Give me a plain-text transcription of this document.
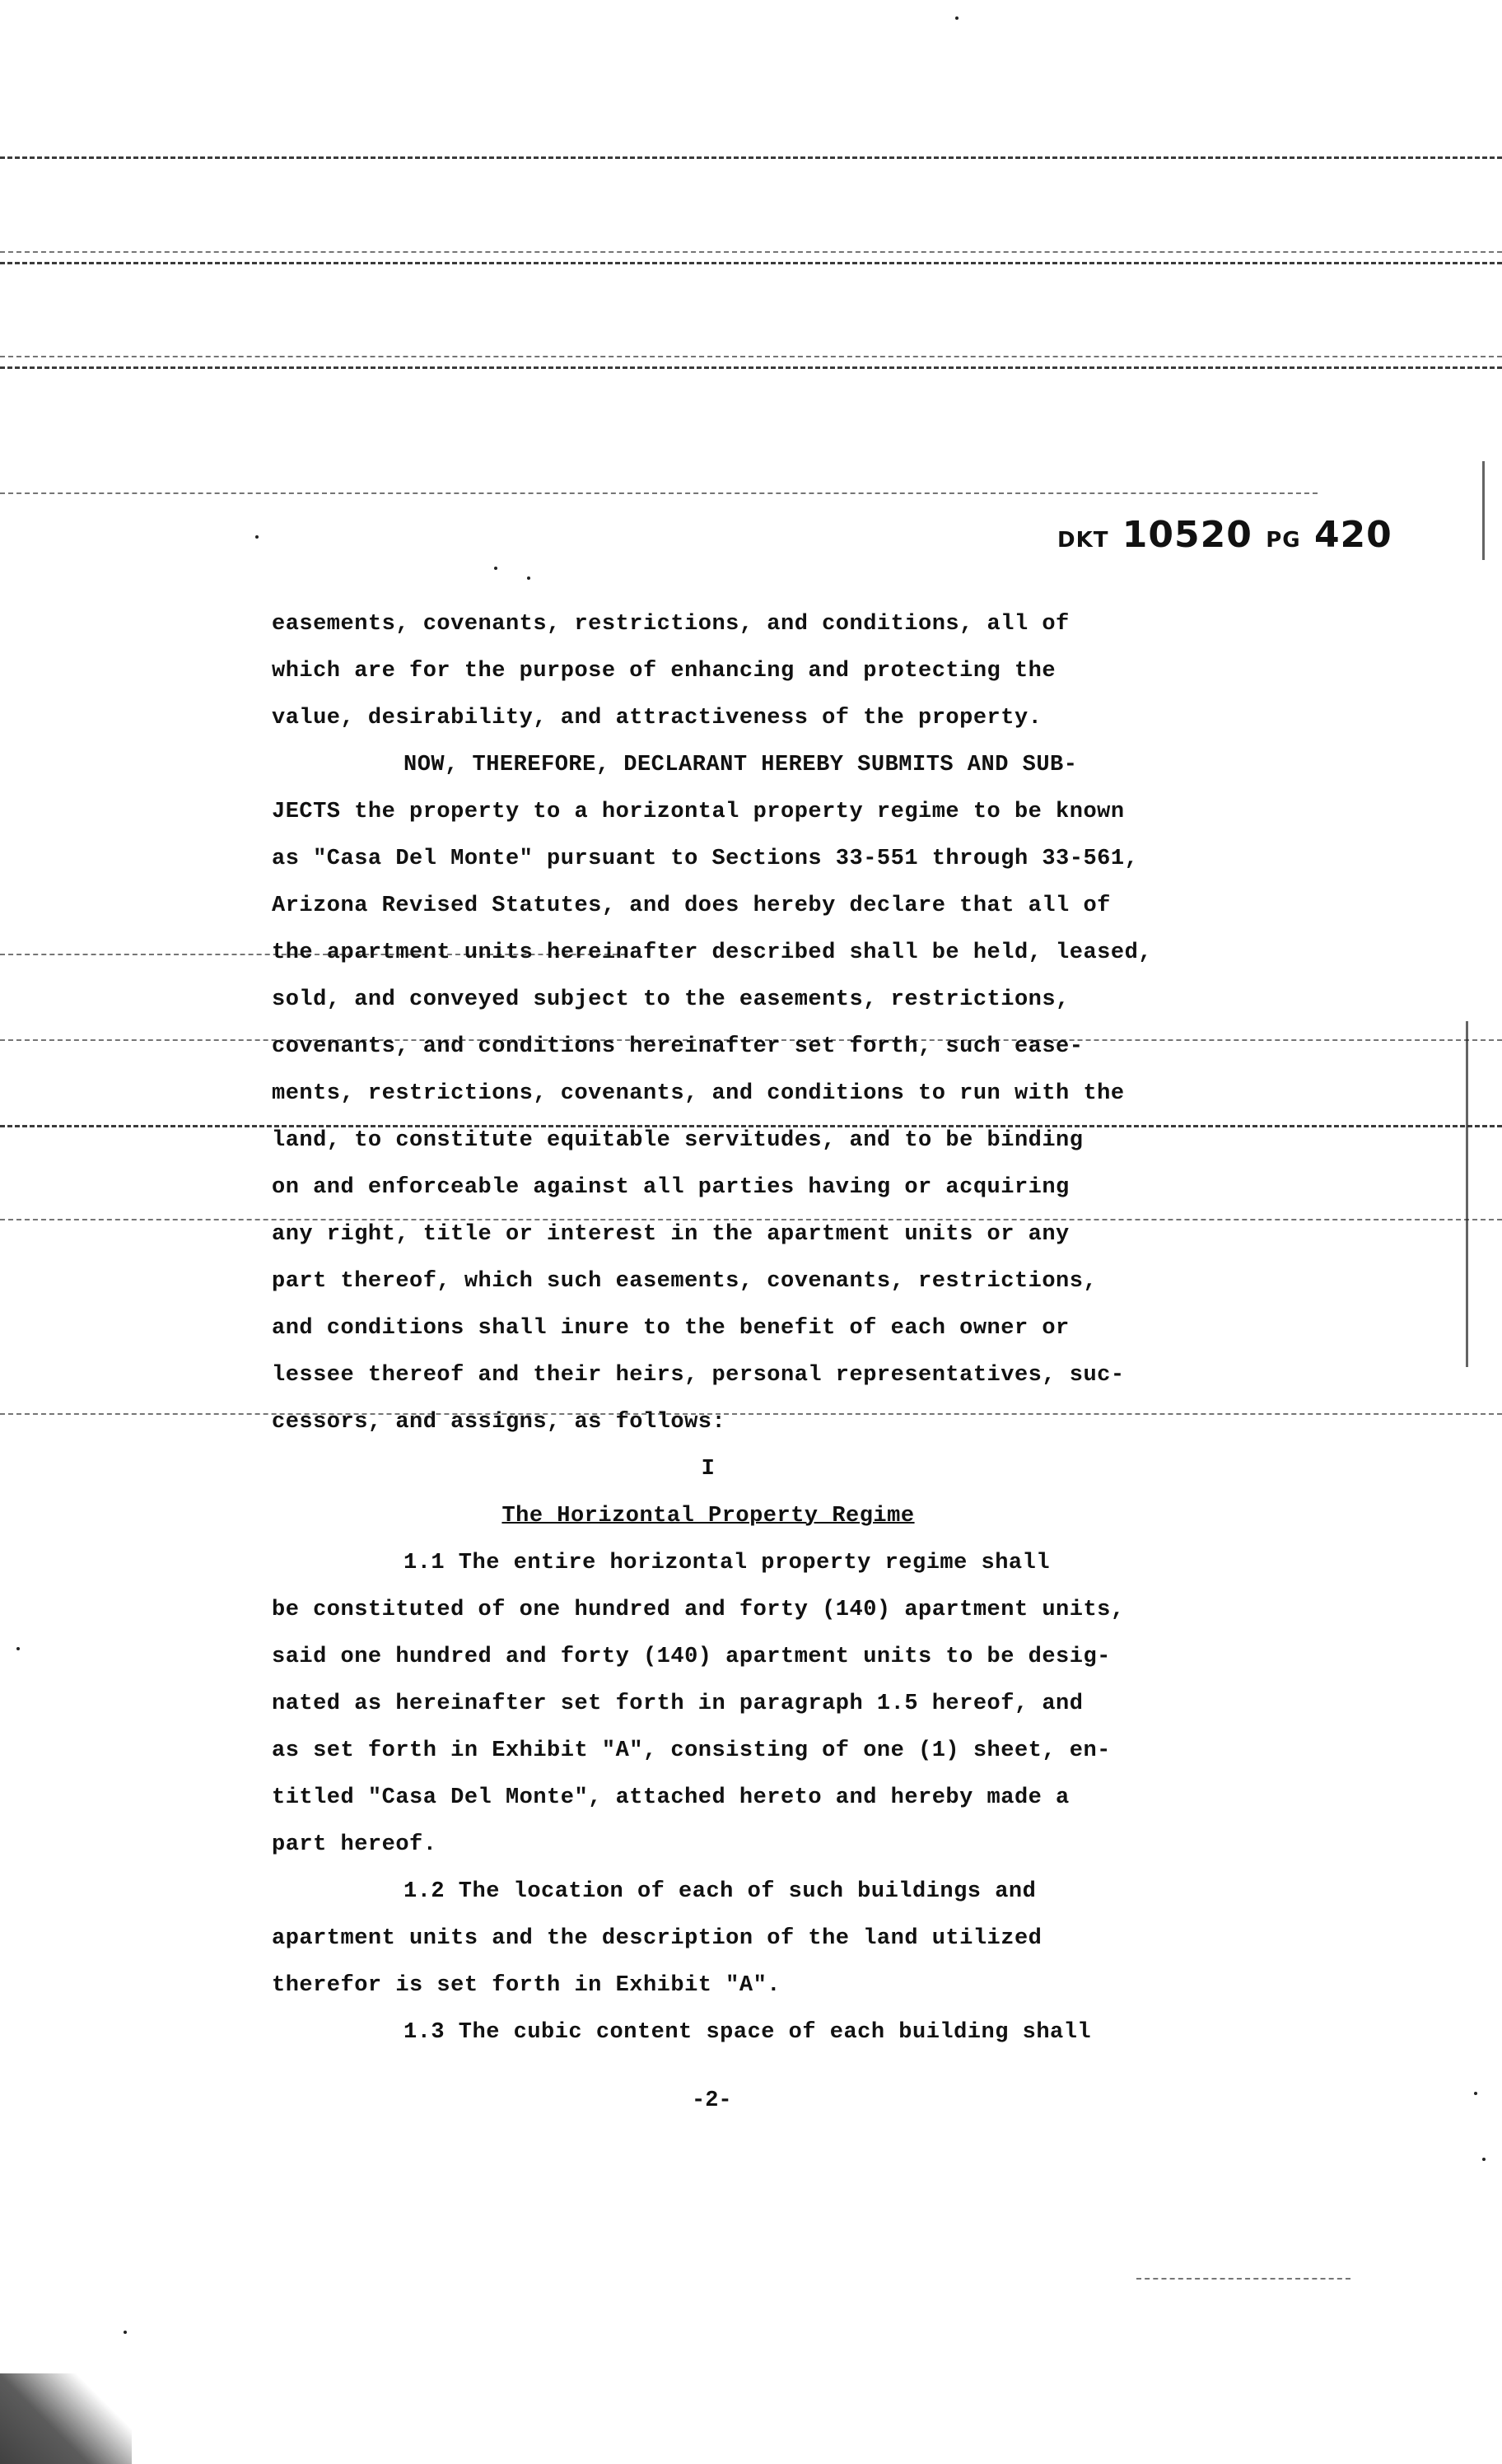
DKT 10520 PG 420
easements, covenants, restrictions, and conditions, all of
which are for the purpose of enhancing and protecting the
value, desirability, and attractiveness of the property.
NOW, THEREFORE, DECLARANT HEREBY SUBMITS AND SUB-
JECTS the property to a horizontal property regime to be known
as "Casa Del Monte" pursuant to Sections 33-551 through 33-561,
Arizona Revised Statutes, and does hereby declare that all of
the apartment units hereinafter described shall be held, leased,
sold, and conveyed subject to the easements, restrictions,
covenants, and conditions hereinafter set forth, such ease-
ments, restrictions, covenants, and conditions to run with the
land, to constitute equitable servitudes, and to be binding
on and enforceable against all parties having or acquiring
any right, title or interest in the apartment units or any
part thereof, which such easements, covenants, restrictions,
and conditions shall inure to the benefit of each owner or
lessee thereof and their heirs, personal representatives, suc-
cessors, and assigns, as follows:
I
The Horizontal Property Regime
1.1 The entire horizontal property regime shall
be constituted of one hundred and forty (140) apartment units,
said one hundred and forty (140) apartment units to be desig-
nated as hereinafter set forth in paragraph 1.5 hereof, and
as set forth in Exhibit "A", consisting of one (1) sheet, en-
titled "Casa Del Monte", attached hereto and hereby made a
part hereof.
1.2 The location of each of such buildings and
apartment units and the description of the land utilized
therefor is set forth in Exhibit "A".
1.3 The cubic content space of each building shall
-2-
